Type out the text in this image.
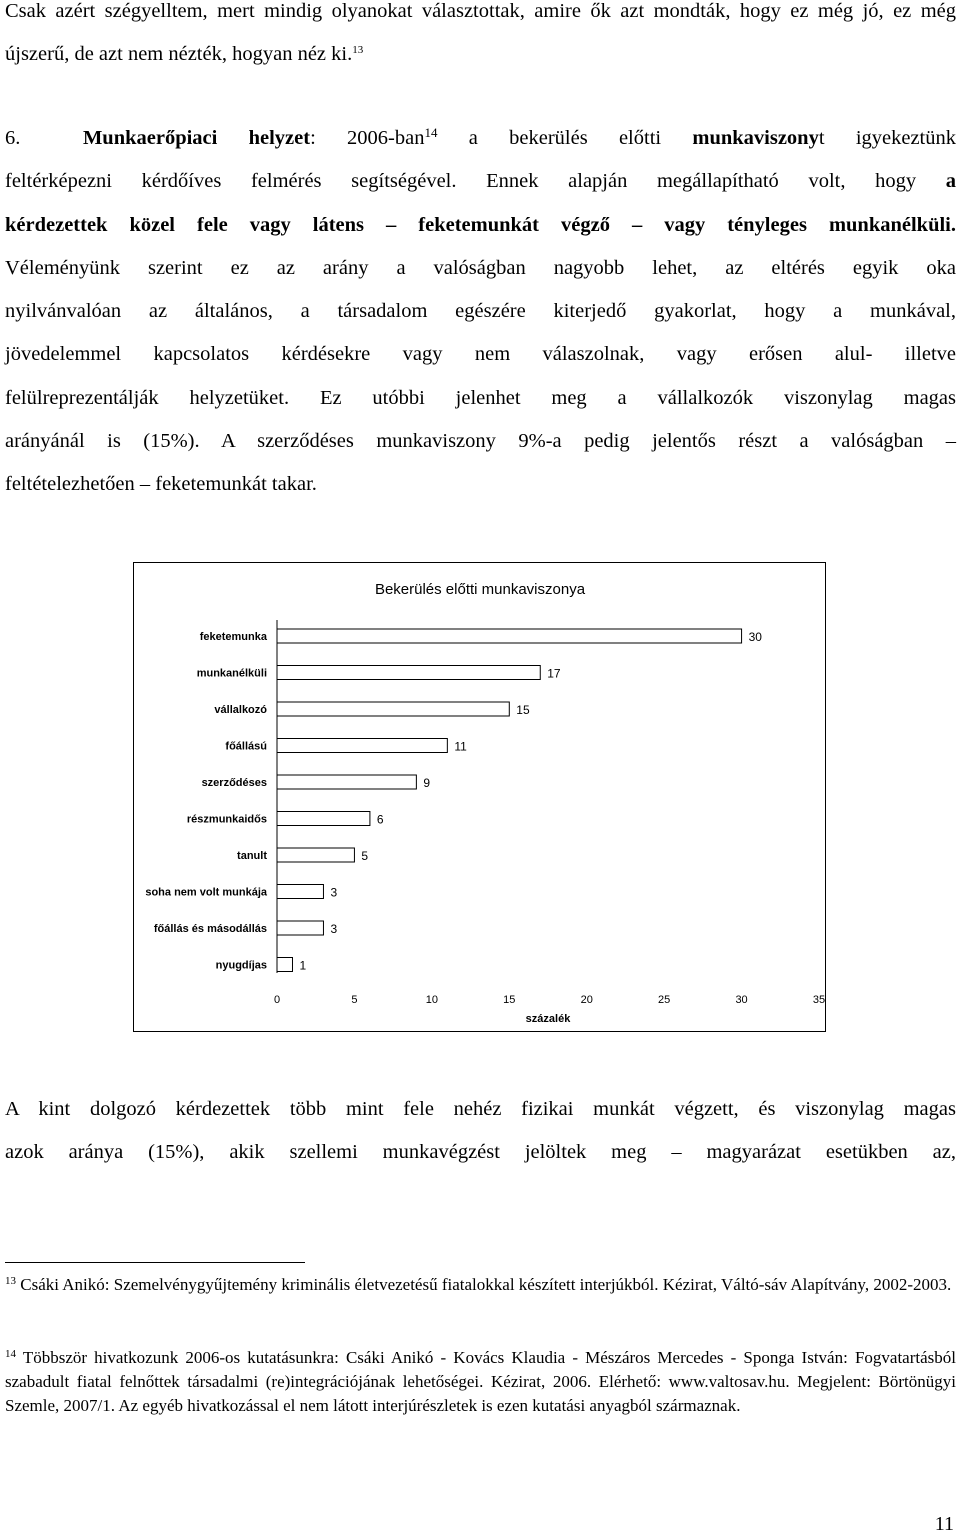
Csak azért szégyelltem, mert mindig olyanokat választottak, amire ők azt mondták, hogy ez még jó, ez még
újszerű, de azt nem nézték, hogyan néz ki.$^{13}$
6.	Munkaerőpiaci helyzet: 2006-ban$^{14}$ a bekerülés előtti munkaviszonyt igyekeztünk
feltérképezni kérdőíves felmérés segítségével. Ennek alapján megállapítható volt, hogy a
kérdezettek közel fele vagy látens – feketemunkát végző – vagy tényleges munkanélküli.
Véleményünk szerint ez az arány a valóságban nagyobb lehet, az eltérés egyik oka
nyilvánvalóan az általános, a társadalom egészére kiterjedő gyakorlat, hogy a munkával,
jövedelemmel kapcsolatos kérdésekre vagy nem válaszolnak, vagy erősen alul- illetve
felülreprezentálják helyzetüket. Ez utóbbi jelenhet meg a vállalkozók viszonylag magas
arányánál is (15%). A szerződéses munkaviszony 9%-a pedig jelentős részt a valóságban –
feltételezhetően – feketemunkát takar.
Bekerülés előtti munkaviszonya
feketemunka	30
munkanélküli	17
vállalkozó	15
főállású	11
szerződéses	9
részmunkaidős	6
tanult	5
soha nem volt munkája	3
főállás és másodállás	3
nyugdíjas	1
0	5	10	15	20	25	30	35
százalék
A kint dolgozó kérdezettek több mint fele nehéz fizikai munkát végzett, és viszonylag magas
azok aránya (15%), akik szellemi munkavégzést jelöltek meg – magyarázat esetükben az,
$^{13}$ Csáki Anikó: Szemelvénygyűjtemény kriminális életvezetésű fiatalokkal készített interjúkból. Kézirat, Váltó-sáv Alapítvány, 2002-2003.
$^{14}$ Többször hivatkozunk 2006-os kutatásunkra: Csáki Anikó - Kovács Klaudia - Mészáros Mercedes - Sponga István: Fogvatartásból szabadult fiatal felnőttek társadalmi (re)integrációjának lehetőségei. Kézirat, 2006. Elérhető: www.valtosav.hu. Megjelent: Börtönügyi Szemle, 2007/1. Az egyéb hivatkozással el nem látott interjúrészletek is ezen kutatási anyagból származnak.
11
